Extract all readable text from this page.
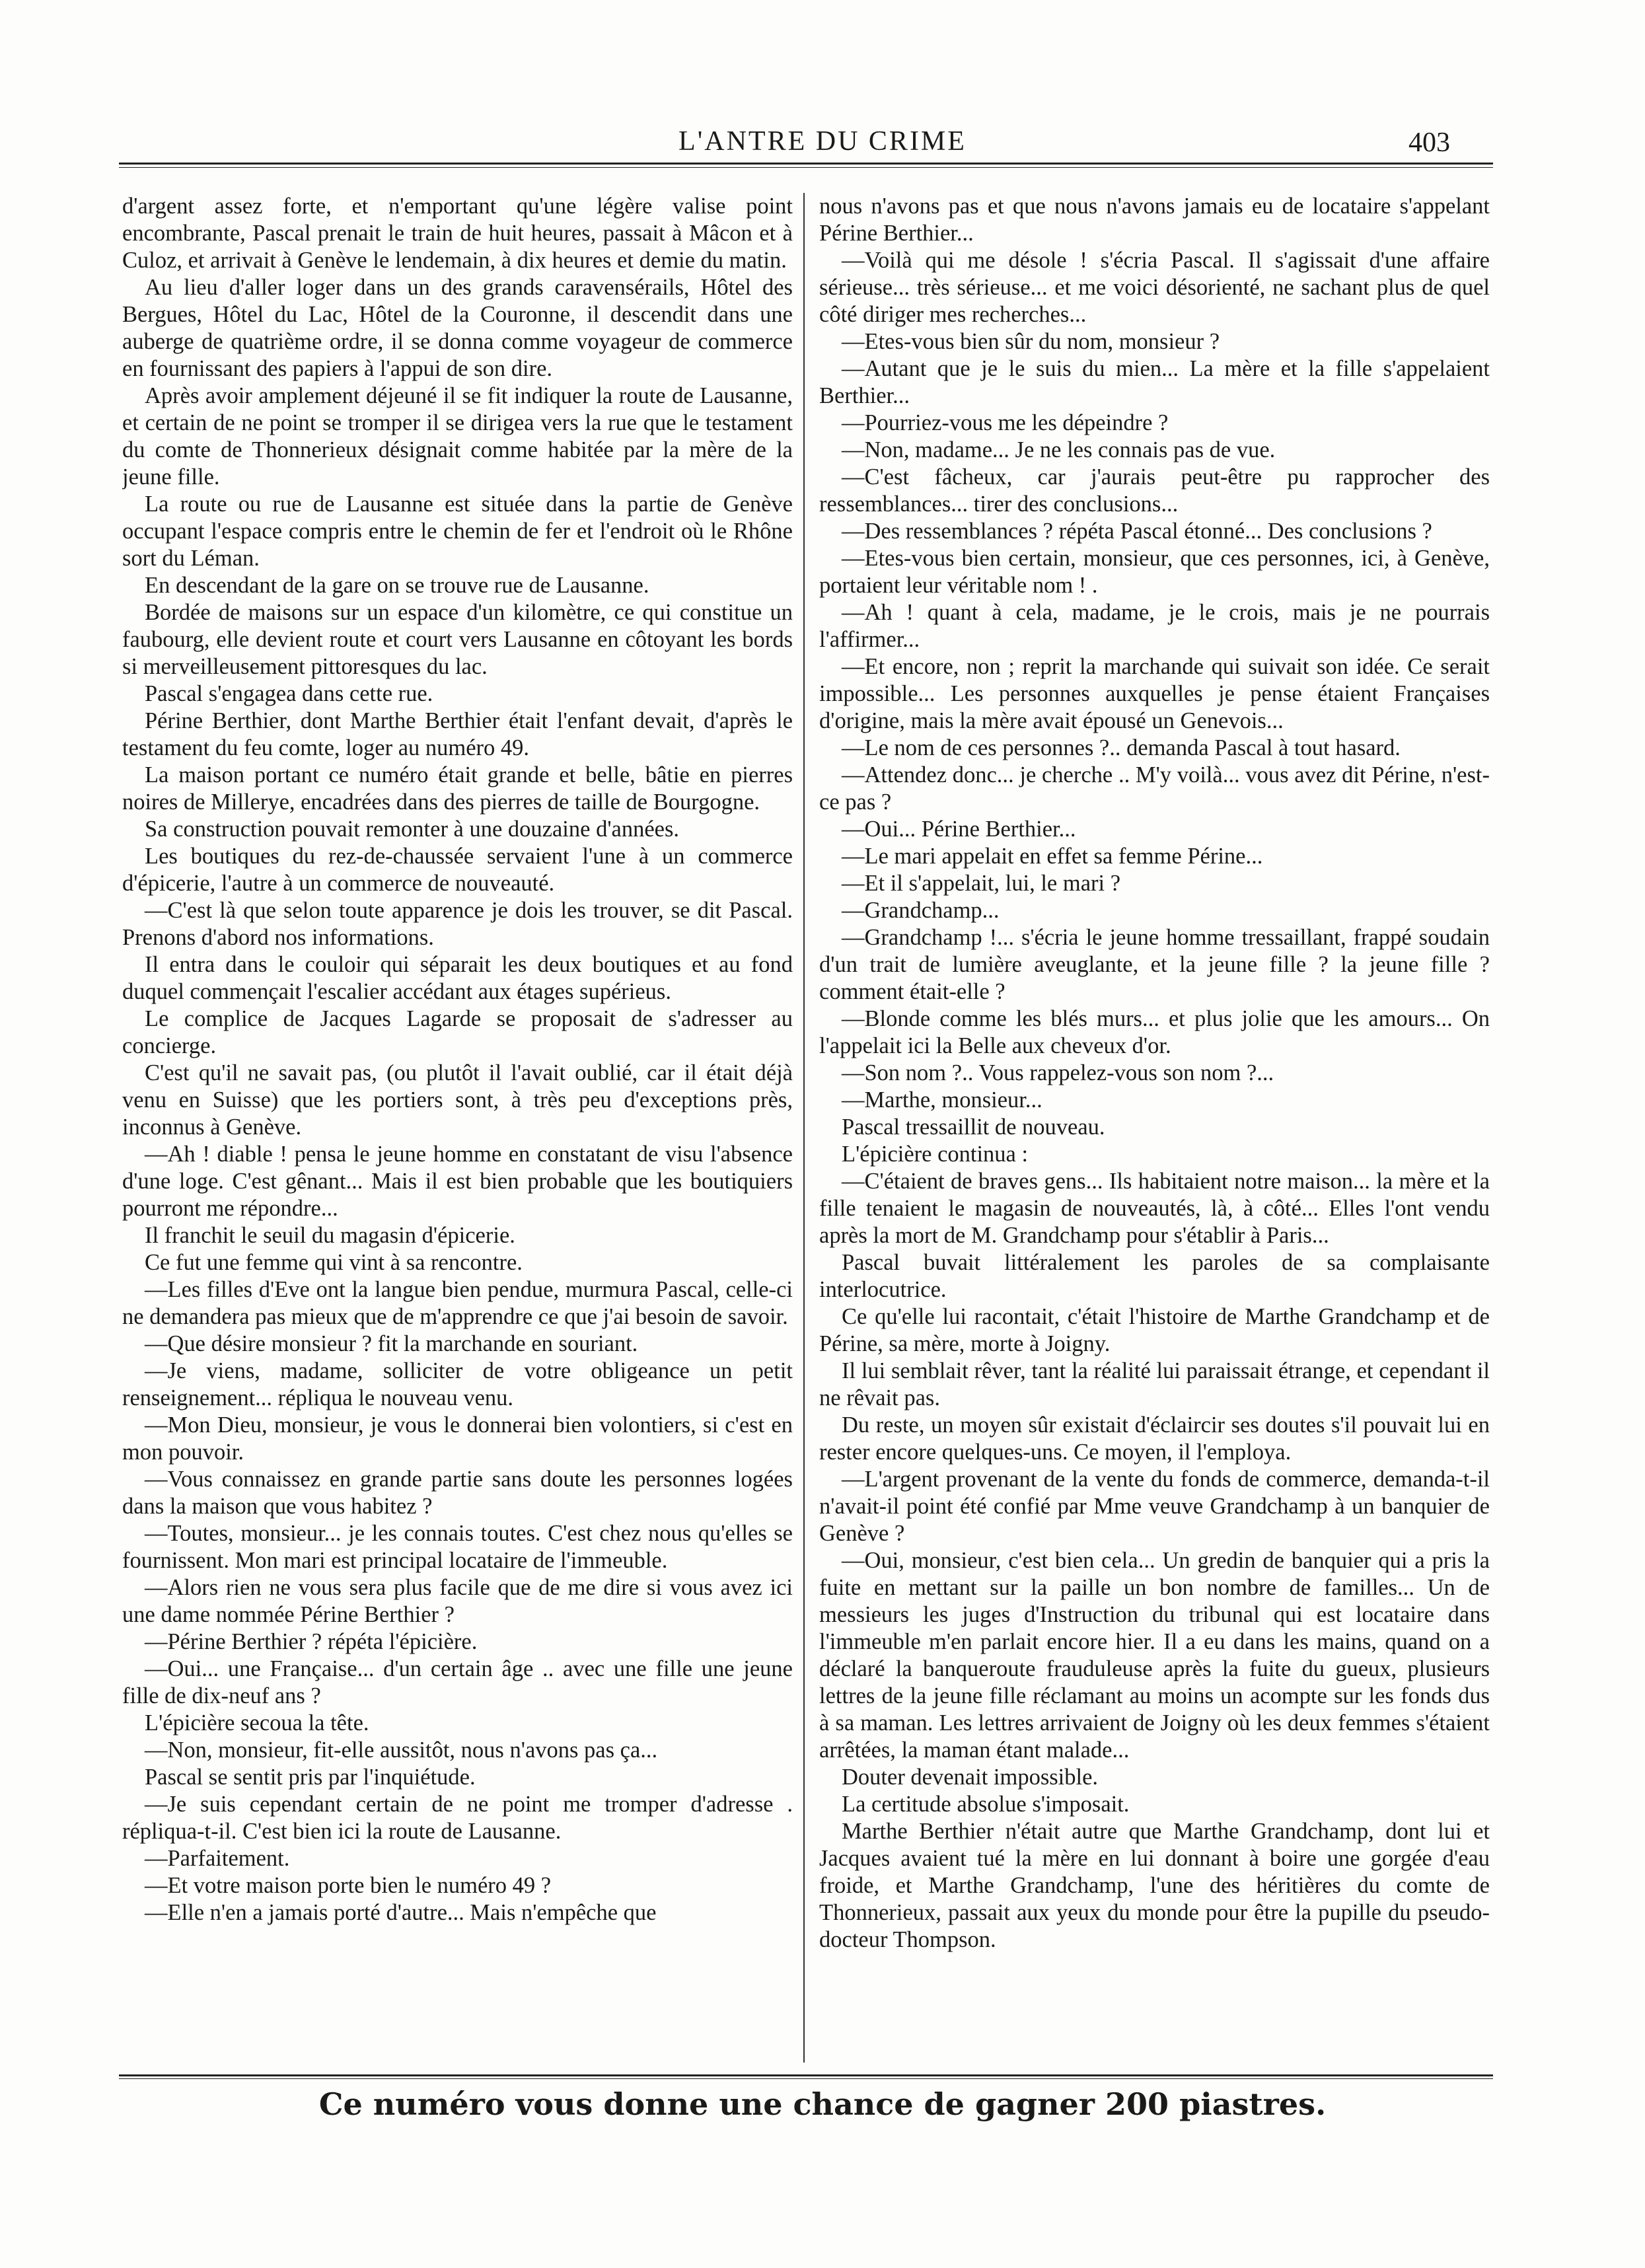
L'ANTRE DU CRIME	403

d'argent assez forte, et n'emportant qu'une légère valise point encombrante, Pascal prenait le train de huit heures, passait à Mâcon et à Culoz, et arrivait à Genève le lendemain, à dix heures et demie du matin.

Au lieu d'aller loger dans un des grands caravensérails, Hôtel des Bergues, Hôtel du Lac, Hôtel de la Couronne, il descendit dans une auberge de quatrième ordre, il se donna comme voyageur de commerce en fournissant des papiers à l'appui de son dire.

Après avoir amplement déjeuné il se fit indiquer la route de Lausanne, et certain de ne point se tromper il se dirigea vers la rue que le testament du comte de Thonnerieux désignait comme habitée par la mère de la jeune fille.

La route ou rue de Lausanne est située dans la partie de Genève occupant l'espace compris entre le chemin de fer et l'endroit où le Rhône sort du Léman.

En descendant de la gare on se trouve rue de Lausanne.

Bordée de maisons sur un espace d'un kilomètre, ce qui constitue un faubourg, elle devient route et court vers Lausanne en côtoyant les bords si merveilleusement pittoresques du lac.

Pascal s'engagea dans cette rue.

Périne Berthier, dont Marthe Berthier était l'enfant devait, d'après le testament du feu comte, loger au numéro 49.

La maison portant ce numéro était grande et belle, bâtie en pierres noires de Millerye, encadrées dans des pierres de taille de Bourgogne.

Sa construction pouvait remonter à une douzaine d'années.

Les boutiques du rez-de-chaussée servaient l'une à un commerce d'épicerie, l'autre à un commerce de nouveauté.

—C'est là que selon toute apparence je dois les trouver, se dit Pascal. Prenons d'abord nos informations.

Il entra dans le couloir qui séparait les deux boutiques et au fond duquel commençait l'escalier accédant aux étages supérieus.

Le complice de Jacques Lagarde se proposait de s'adresser au concierge.

C'est qu'il ne savait pas, (ou plutôt il l'avait oublié, car il était déjà venu en Suisse) que les portiers sont, à très peu d'exceptions près, inconnus à Genève.

—Ah ! diable ! pensa le jeune homme en constatant de visu l'absence d'une loge. C'est gênant... Mais il est bien probable que les boutiquiers pourront me répondre...

Il franchit le seuil du magasin d'épicerie.

Ce fut une femme qui vint à sa rencontre.

—Les filles d'Eve ont la langue bien pendue, murmura Pascal, celle-ci ne demandera pas mieux que de m'apprendre ce que j'ai besoin de savoir.

—Que désire monsieur ? fit la marchande en souriant.

—Je viens, madame, solliciter de votre obligeance un petit renseignement... répliqua le nouveau venu.

—Mon Dieu, monsieur, je vous le donnerai bien volontiers, si c'est en mon pouvoir.

—Vous connaissez en grande partie sans doute les personnes logées dans la maison que vous habitez ?

—Toutes, monsieur... je les connais toutes. C'est chez nous qu'elles se fournissent. Mon mari est principal locataire de l'immeuble.

—Alors rien ne vous sera plus facile que de me dire si vous avez ici une dame nommée Périne Berthier ?

—Périne Berthier ? répéta l'épicière.

—Oui... une Française... d'un certain âge .. avec une fille une jeune fille de dix-neuf ans ?

L'épicière secoua la tête.

—Non, monsieur, fit-elle aussitôt, nous n'avons pas ça...

Pascal se sentit pris par l'inquiétude.

—Je suis cependant certain de ne point me tromper d'adresse . répliqua-t-il. C'est bien ici la route de Lausanne.

—Parfaitement.

—Et votre maison porte bien le numéro 49 ?

—Elle n'en a jamais porté d'autre... Mais n'empêche que

nous n'avons pas et que nous n'avons jamais eu de locataire s'appelant Périne Berthier...

—Voilà qui me désole ! s'écria Pascal. Il s'agissait d'une affaire sérieuse... très sérieuse... et me voici désorienté, ne sachant plus de quel côté diriger mes recherches...

—Etes-vous bien sûr du nom, monsieur ?

—Autant que je le suis du mien... La mère et la fille s'appelaient Berthier...

—Pourriez-vous me les dépeindre ?

—Non, madame... Je ne les connais pas de vue.

—C'est fâcheux, car j'aurais peut-être pu rapprocher des ressemblances... tirer des conclusions...

—Des ressemblances ? répéta Pascal étonné... Des conclusions ?

—Etes-vous bien certain, monsieur, que ces personnes, ici, à Genève, portaient leur véritable nom ! .

—Ah ! quant à cela, madame, je le crois, mais je ne pourrais l'affirmer...

—Et encore, non ; reprit la marchande qui suivait son idée. Ce serait impossible... Les personnes auxquelles je pense étaient Françaises d'origine, mais la mère avait épousé un Genevois...

—Le nom de ces personnes ?.. demanda Pascal à tout hasard.

—Attendez donc... je cherche .. M'y voilà... vous avez dit Périne, n'est-ce pas ?

—Oui... Périne Berthier...

—Le mari appelait en effet sa femme Périne...

—Et il s'appelait, lui, le mari ?

—Grandchamp...

—Grandchamp !... s'écria le jeune homme tressaillant, frappé soudain d'un trait de lumière aveuglante, et la jeune fille ? la jeune fille ? comment était-elle ?

—Blonde comme les blés murs... et plus jolie que les amours... On l'appelait ici la Belle aux cheveux d'or.

—Son nom ?.. Vous rappelez-vous son nom ?...

—Marthe, monsieur...

Pascal tressaillit de nouveau.

L'épicière continua :

—C'étaient de braves gens... Ils habitaient notre maison... la mère et la fille tenaient le magasin de nouveautés, là, à côté... Elles l'ont vendu après la mort de M. Grandchamp pour s'établir à Paris...

Pascal buvait littéralement les paroles de sa complaisante interlocutrice.

Ce qu'elle lui racontait, c'était l'histoire de Marthe Grandchamp et de Périne, sa mère, morte à Joigny.

Il lui semblait rêver, tant la réalité lui paraissait étrange, et cependant il ne rêvait pas.

Du reste, un moyen sûr existait d'éclaircir ses doutes s'il pouvait lui en rester encore quelques-uns. Ce moyen, il l'employa.

—L'argent provenant de la vente du fonds de commerce, demanda-t-il n'avait-il point été confié par Mme veuve Grandchamp à un banquier de Genève ?

—Oui, monsieur, c'est bien cela... Un gredin de banquier qui a pris la fuite en mettant sur la paille un bon nombre de familles... Un de messieurs les juges d'Instruction du tribunal qui est locataire dans l'immeuble m'en parlait encore hier. Il a eu dans les mains, quand on a déclaré la banqueroute frauduleuse après la fuite du gueux, plusieurs lettres de la jeune fille réclamant au moins un acompte sur les fonds dus à sa maman. Les lettres arrivaient de Joigny où les deux femmes s'étaient arrêtées, la maman étant malade...

Douter devenait impossible.

La certitude absolue s'imposait.

Marthe Berthier n'était autre que Marthe Grandchamp, dont lui et Jacques avaient tué la mère en lui donnant à boire une gorgée d'eau froide, et Marthe Grandchamp, l'une des héritières du comte de Thonnerieux, passait aux yeux du monde pour être la pupille du pseudo-docteur Thompson.

Ce numéro vous donne une chance de gagner 200 piastres.
